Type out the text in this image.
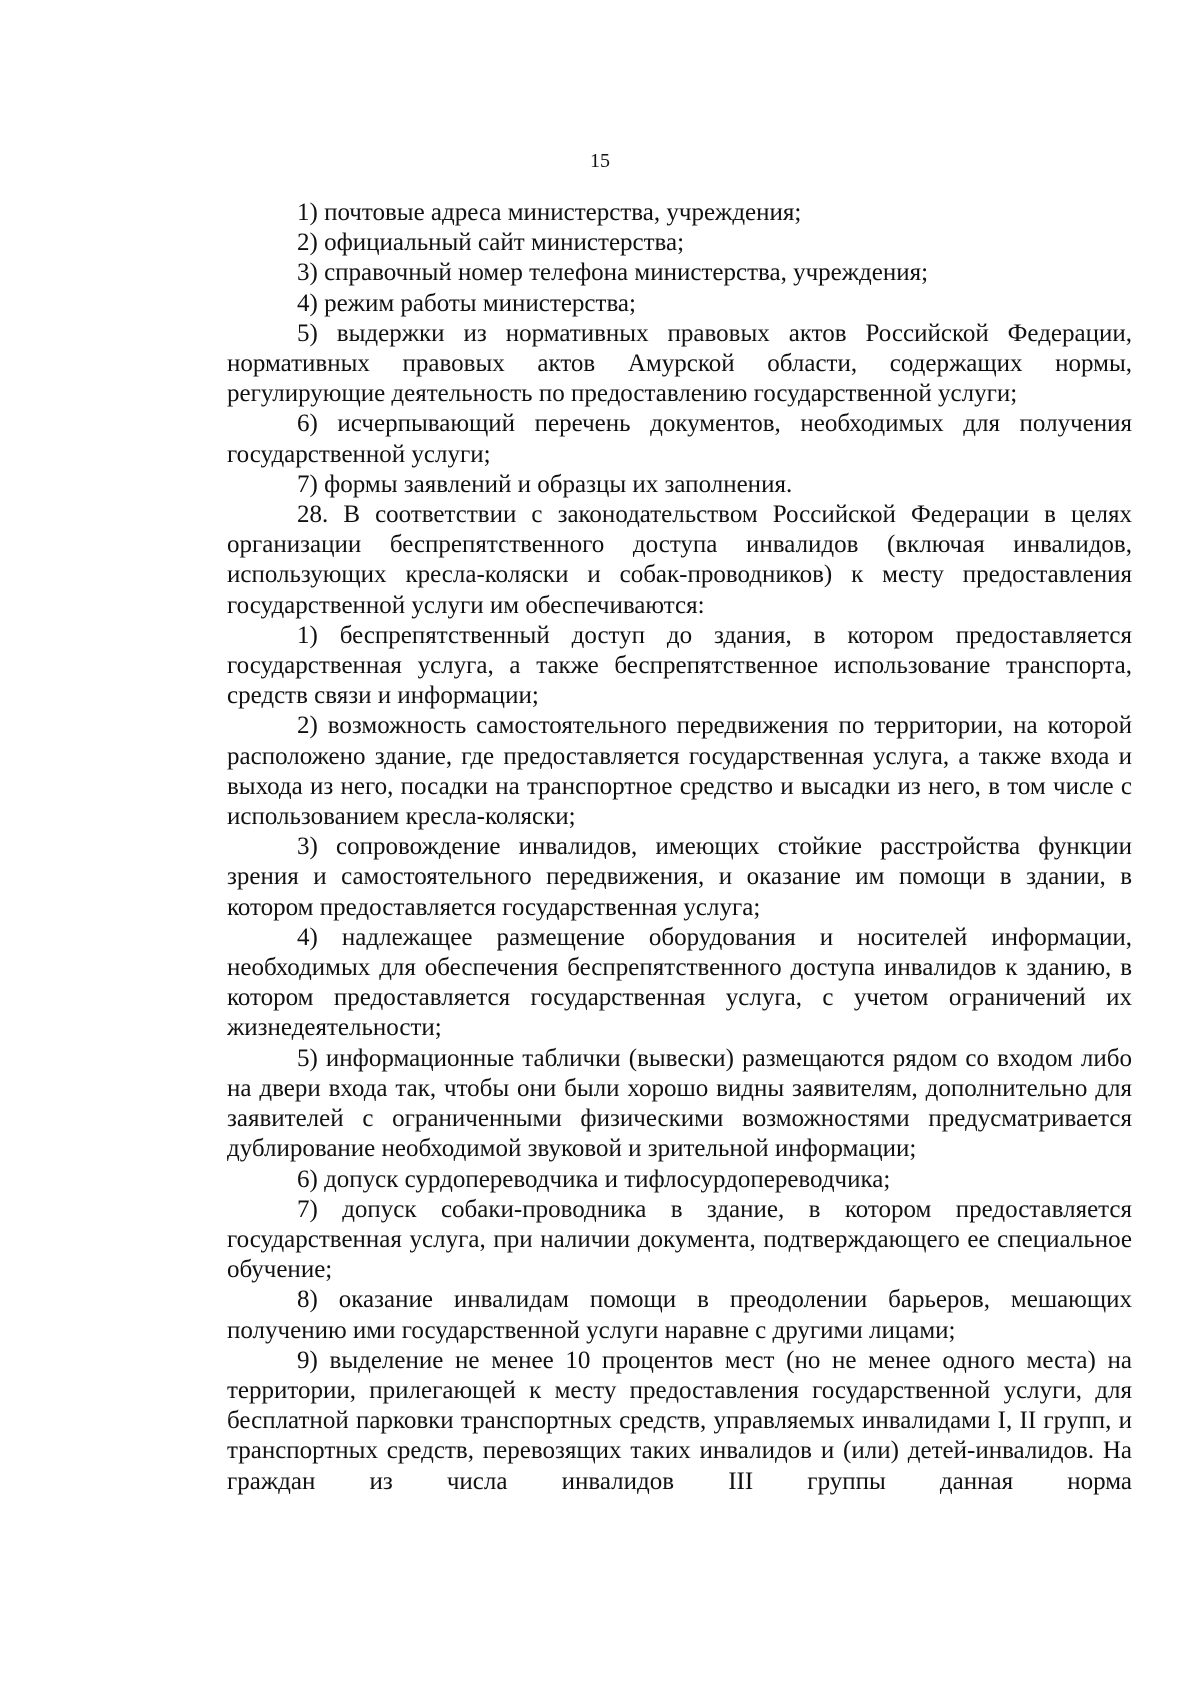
15

1) почтовые адреса министерства, учреждения;

2) официальный сайт министерства;

3) справочный номер телефона министерства, учреждения;

4) режим работы министерства;

5) выдержки из нормативных правовых актов Российской Федерации, нормативных правовых актов Амурской области, содержащих нормы, регулирующие деятельность по предоставлению государственной услуги;

6) исчерпывающий перечень документов, необходимых для получения государственной услуги;

7) формы заявлений и образцы их заполнения.

28. В соответствии с законодательством Российской Федерации в целях организации беспрепятственного доступа инвалидов (включая инвалидов, использующих кресла-коляски и собак-проводников) к месту предоставления государственной услуги им обеспечиваются:

1) беспрепятственный доступ до здания, в котором предоставляется государственная услуга, а также беспрепятственное использование транспорта, средств связи и информации;

2) возможность самостоятельного передвижения по территории, на которой расположено здание, где предоставляется государственная услуга, а также входа и выхода из него, посадки на транспортное средство и высадки из него, в том числе с использованием кресла-коляски;

3) сопровождение инвалидов, имеющих стойкие расстройства функции зрения и самостоятельного передвижения, и оказание им помощи в здании, в котором предоставляется государственная услуга;

4) надлежащее размещение оборудования и носителей информации, необходимых для обеспечения беспрепятственного доступа инвалидов к зданию, в котором предоставляется государственная услуга, с учетом ограничений их жизнедеятельности;

5) информационные таблички (вывески) размещаются рядом со входом либо на двери входа так, чтобы они были хорошо видны заявителям, дополнительно для заявителей с ограниченными физическими возможностями предусматривается дублирование необходимой звуковой и зрительной информации;

6) допуск сурдопереводчика и тифлосурдопереводчика;

7) допуск собаки-проводника в здание, в котором предоставляется государственная услуга, при наличии документа, подтверждающего ее специальное обучение;

8) оказание инвалидам помощи в преодолении барьеров, мешающих получению ими государственной услуги наравне с другими лицами;

9) выделение не менее 10 процентов мест (но не менее одного места) на территории, прилегающей к месту предоставления государственной услуги, для бесплатной парковки транспортных средств, управляемых инвалидами I, II групп, и транспортных средств, перевозящих таких инвалидов и (или) детей-инвалидов. На граждан из числа инвалидов III группы данная норма
